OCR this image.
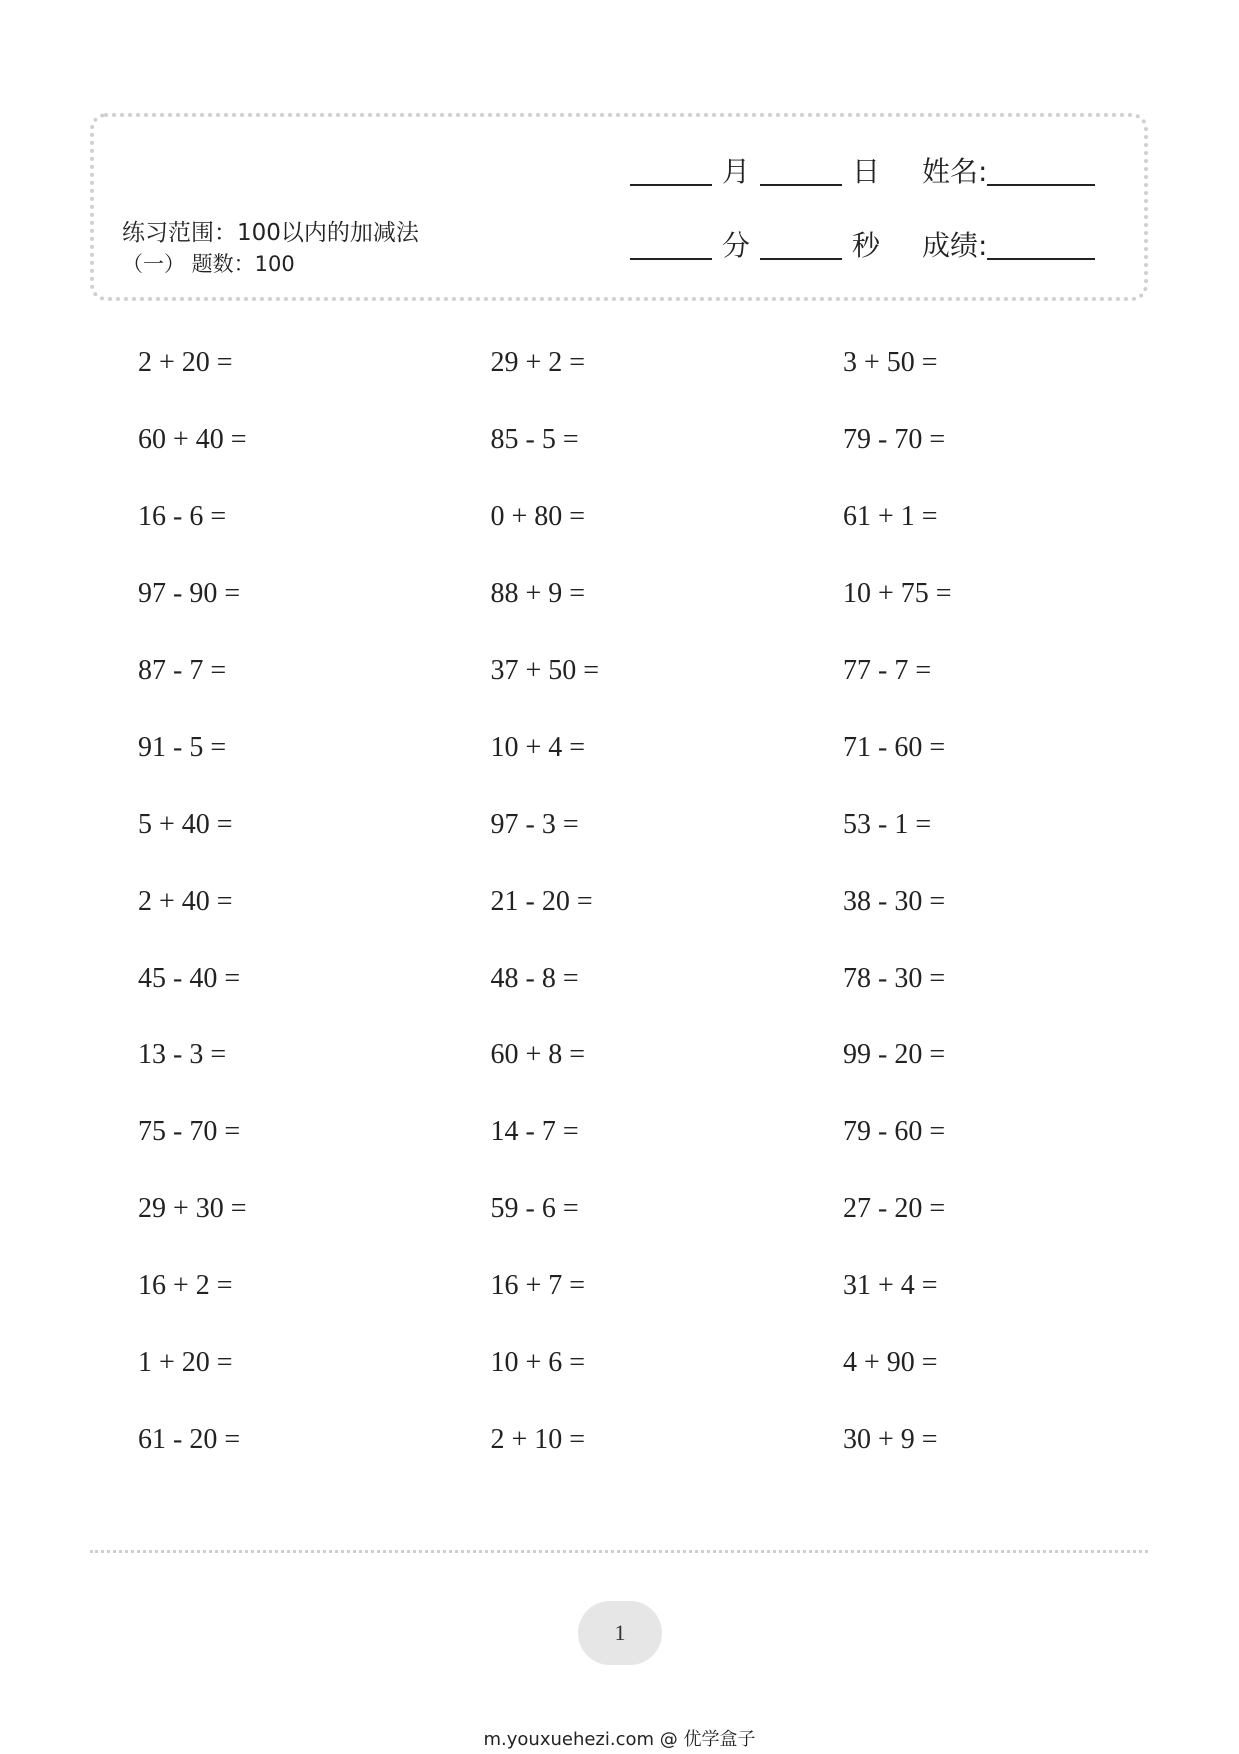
练习范围：100以内的加减法
（一） 题数：100
月	日 姓名:
分	秒 成绩:
2 + 20 =	29 + 2 =	3 + 50 =
60 + 40 =	85 - 5 =	79 - 70 =
16 - 6 =	0 + 80 =	61 + 1 =
97 - 90 =	88 + 9 =	10 + 75 =
87 - 7 =	37 + 50 =	77 - 7 =
91 - 5 =	10 + 4 =	71 - 60 =
5 + 40 =	97 - 3 =	53 - 1 =
2 + 40 =	21 - 20 =	38 - 30 =
45 - 40 =	48 - 8 =	78 - 30 =
13 - 3 =	60 + 8 =	99 - 20 =
75 - 70 =	14 - 7 =	79 - 60 =
29 + 30 =	59 - 6 =	27 - 20 =
16 + 2 =	16 + 7 =	31 + 4 =
1 + 20 =	10 + 6 =	4 + 90 =
61 - 20 =	2 + 10 =	30 + 9 =
1
m.youxuehezi.com @ 优学盒子
